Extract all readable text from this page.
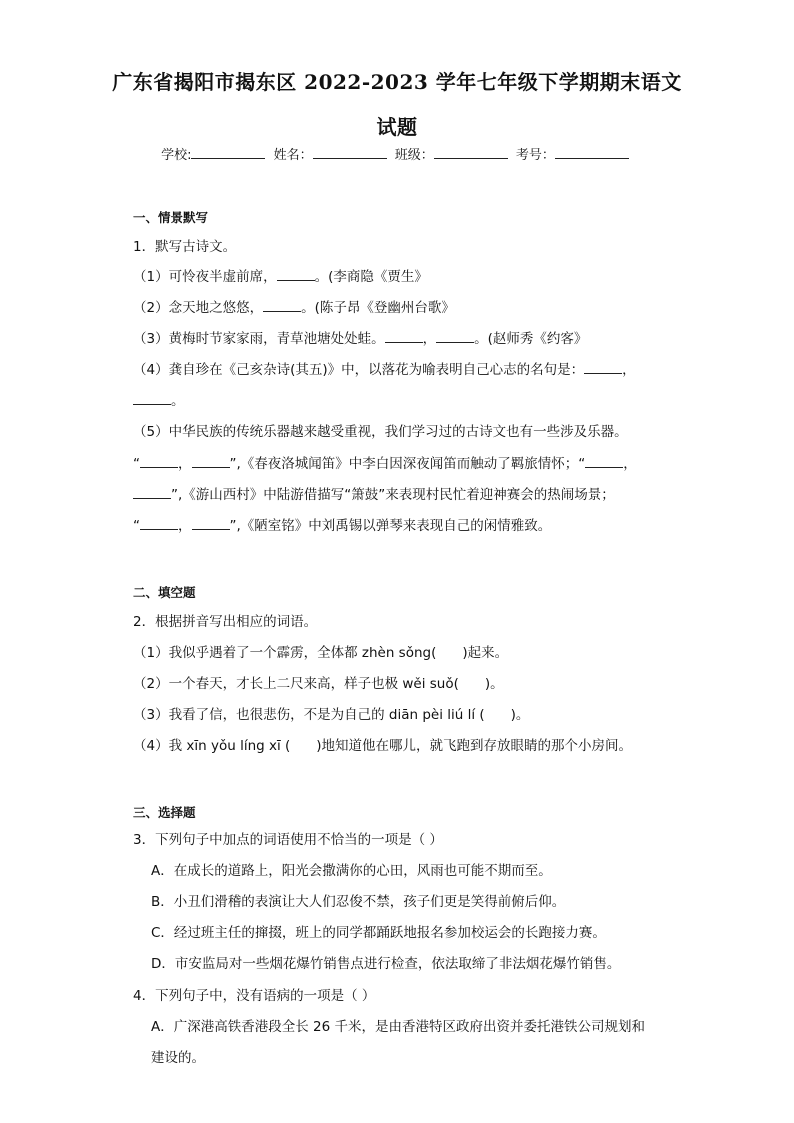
广东省揭阳市揭东区 2022-2023 学年七年级下学期期末语文
试题
学校:	姓名：	班级：	考号：
一、情景默写
1．默写古诗文。
（1）可怜夜半虚前席，	。(李商隐《贾生》
（2）念天地之悠悠，	。(陈子昂《登幽州台歌》
（3）黄梅时节家家雨，青草池塘处处蛙。	，	。(赵师秀《约客》
（4）龚自珍在《己亥杂诗(其五)》中，以落花为喻表明自己心志的名句是：	，
。
（5）中华民族的传统乐器越来越受重视，我们学习过的古诗文也有一些涉及乐器。
“	，	”,《春夜洛城闻笛》中李白因深夜闻笛而触动了羁旅情怀；“	，
”,《游山西村》中陆游借描写“箫鼓”来表现村民忙着迎神赛会的热闹场景；
“	，	”,《陋室铭》中刘禹锡以弹琴来表现自己的闲情雅致。
二、填空题
2．根据拼音写出相应的词语。
（1）我似乎遇着了一个霹雳，全体都 zhèn sǒng( )起来。
（2）一个春天，才长上二尺来高，样子也极 wěi suǒ( )。
（3）我看了信，也很悲伤，不是为自己的 diān pèi liú lí ( )。
（4）我 xīn yǒu líng xī ( )地知道他在哪儿，就飞跑到存放眼睛的那个小房间。
三、选择题
3．下列句子中加点的词语使用不恰当的一项是（ ）
A．在成长的道路上，阳光会撒满你的心田，风雨也可能不期而至。
B．小丑们滑稽的表演让大人们忍俊不禁，孩子们更是笑得前俯后仰。
C．经过班主任的撺掇，班上的同学都踊跃地报名参加校运会的长跑接力赛。
D．市安监局对一些烟花爆竹销售点进行检查，依法取缔了非法烟花爆竹销售。
4．下列句子中，没有语病的一项是（ ）
A．广深港高铁香港段全长 26 千米，是由香港特区政府出资并委托港铁公司规划和
建设的。
